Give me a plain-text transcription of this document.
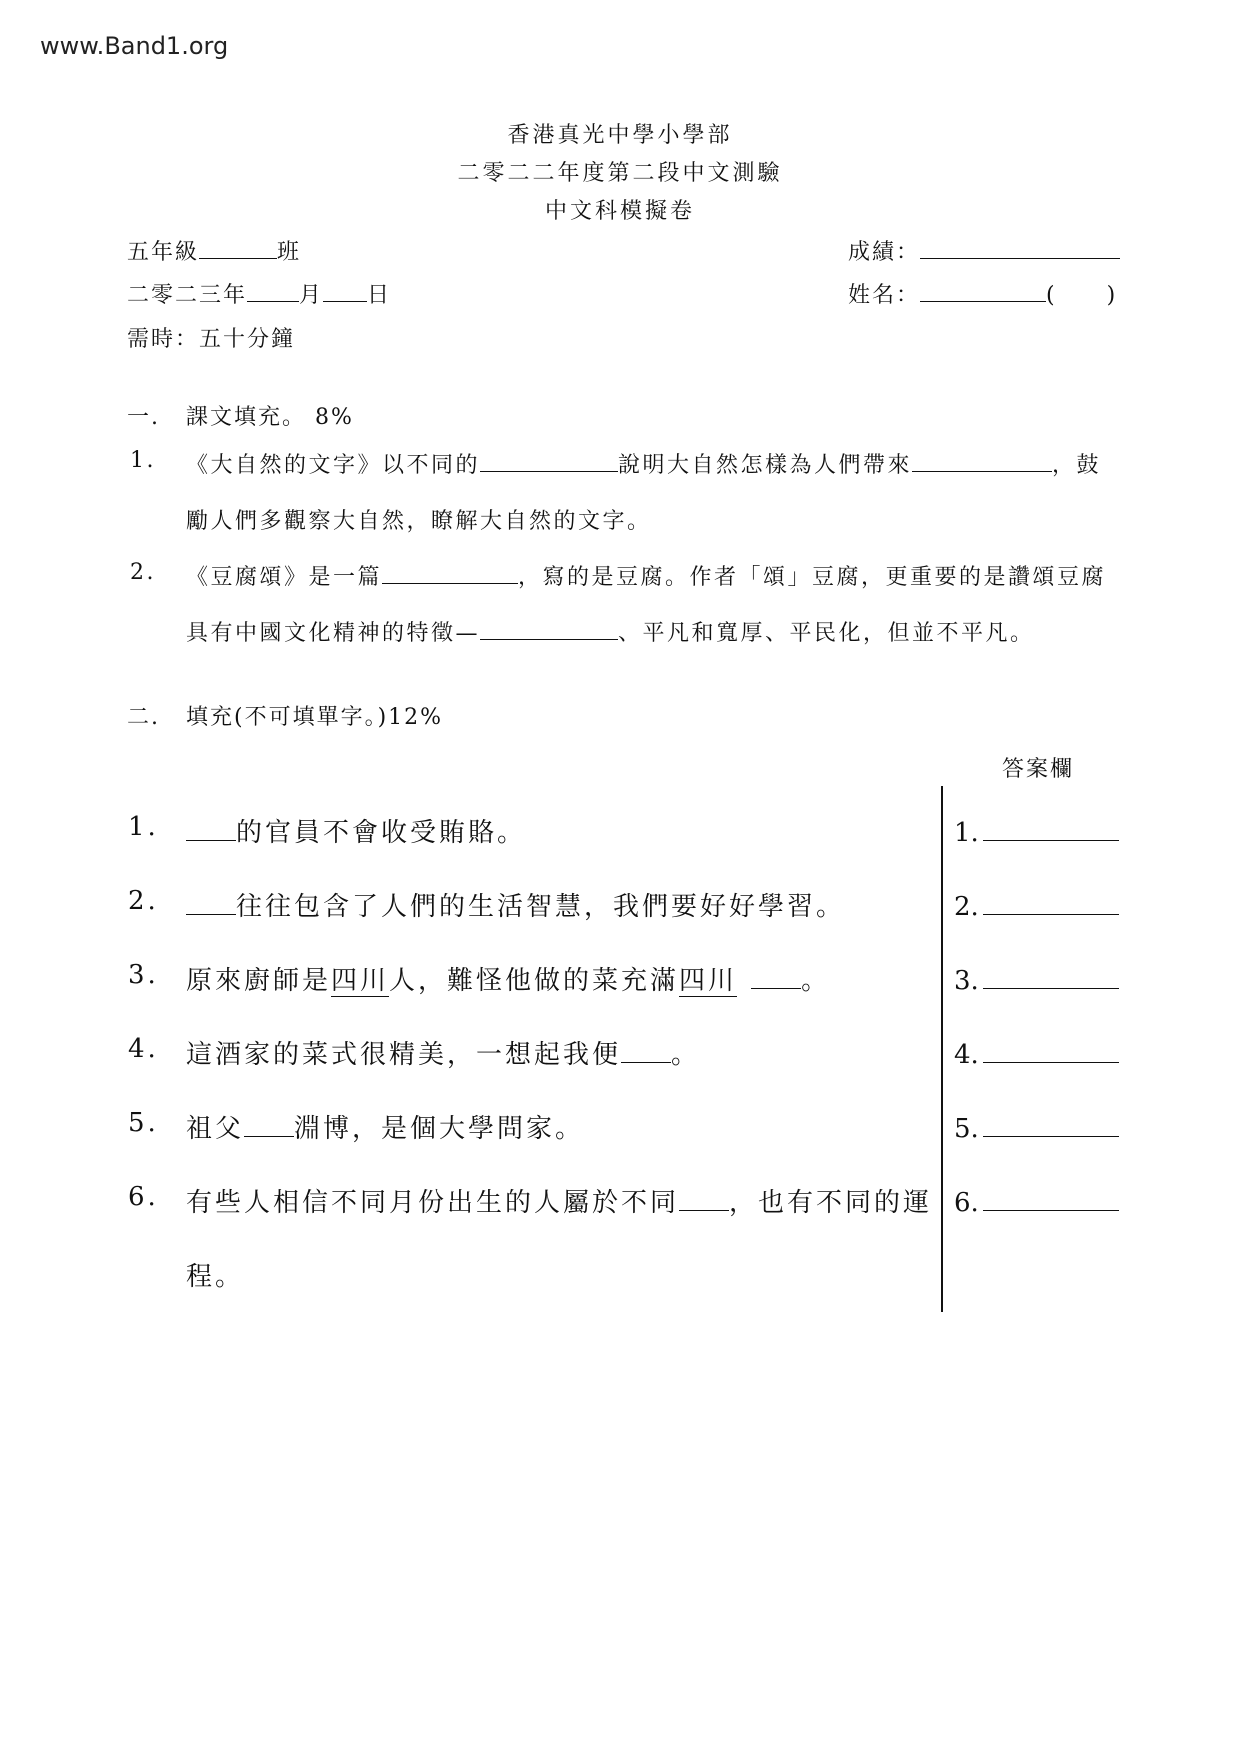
www.Band1.org
香港真光中學小學部
二零二二年度第二段中文測驗
中文科模擬卷
五年級	班	成績：
二零二三年 月 日	姓名：	( )
需時：五十分鐘
一. 課文填充。 8%
1. 《大自然的文字》以不同的	說明大自然怎樣為人們帶來	，鼓
勵人們多觀察大自然，瞭解大自然的文字。
2. 《豆腐頌》是一篇	，寫的是豆腐。作者「頌」豆腐，更重要的是讚頌豆腐
具有中國文化精神的特徵—	、平凡和寬厚、平民化，但並不平凡。
二. 填充(不可填單字。)12%
答案欄
1.	的官員不會收受賄賂。
2.	往往包含了人們的生活智慧，我們要好好學習。
3. 原來廚師是四川人，難怪他做的菜充滿四川 。
4. 這酒家的菜式很精美，一想起我便 。
5. 祖父 淵博，是個大學問家。
6. 有些人相信不同月份出生的人屬於不同 ，也有不同的運
程。
1.
2.
3.
4.
5.
6.
